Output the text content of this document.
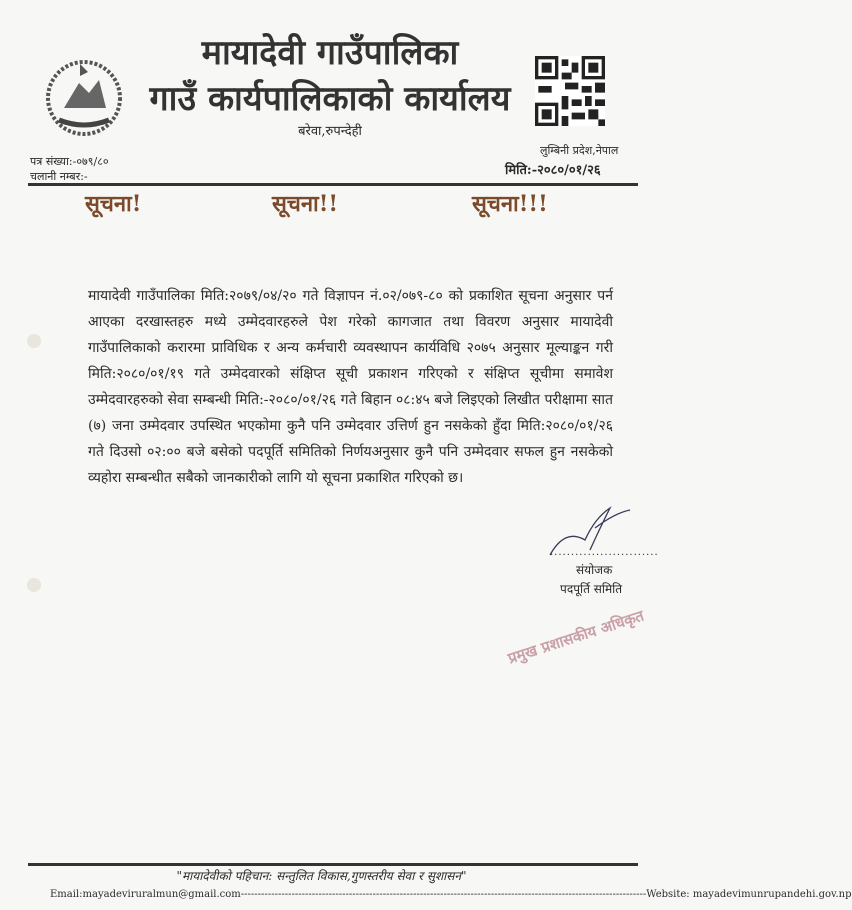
मायादेवी गाउँपालिका
गाउँ कार्यपालिकाको कार्यालय
बरेवा,रुपन्देही
लुम्बिनी प्रदेश,नेपाल
पत्र संख्या:-०७९/८०
चलानी नम्बर:-	मिति:-२०८०/०१/२६
सूचना!	सूचना!!	सूचना!!!
मायादेवी गाउँपालिका मिति:२०७९/०४/२० गते विज्ञापन नं.०२/०७९-८० को प्रकाशित सूचना अनुसार पर्न आएका दरखास्तहरु मध्ये उम्मेदवारहरुले पेश गरेको कागजात तथा विवरण अनुसार मायादेवी गाउँपालिकाको करारमा प्राविधिक र अन्य कर्मचारी व्यवस्थापन कार्यविधि २०७५ अनुसार मूल्याङ्कन गरी मिति:२०८०/०१/१९ गते उम्मेदवारको संक्षिप्त सूची प्रकाशन गरिएको र संक्षिप्त सूचीमा समावेश उम्मेदवारहरुको सेवा सम्बन्धी मिति:-२०८०/०१/२६ गते बिहान ०८:४५ बजे लिइएको लिखीत परीक्षामा सात (७) जना उम्मेदवार उपस्थित भएकोमा कुनै पनि उम्मेदवार उत्तिर्ण हुन नसकेको हुँदा मिति:२०८०/०१/२६ गते दिउसो ०२:०० बजे बसेको पदपूर्ति समितिको निर्णयअनुसार कुनै पनि उम्मेदवार सफल हुन नसकेको व्यहोरा सम्बन्धीत सबैको जानकारीको लागि यो सूचना प्रकाशित गरिएको छ।
..........................
संयोजक
पदपूर्ति समिति
प्रमुख प्रशासकीय अधिकृत
"मायादेवीको पहिचान: सन्तुलित विकास,गुणस्तरीय सेवा र सुशासन"
Email:mayadeviruralmun@gmail.com ------------------------------------------------------------------------------------------------------------------------ Website: mayadevimunrupandehi.gov.np
